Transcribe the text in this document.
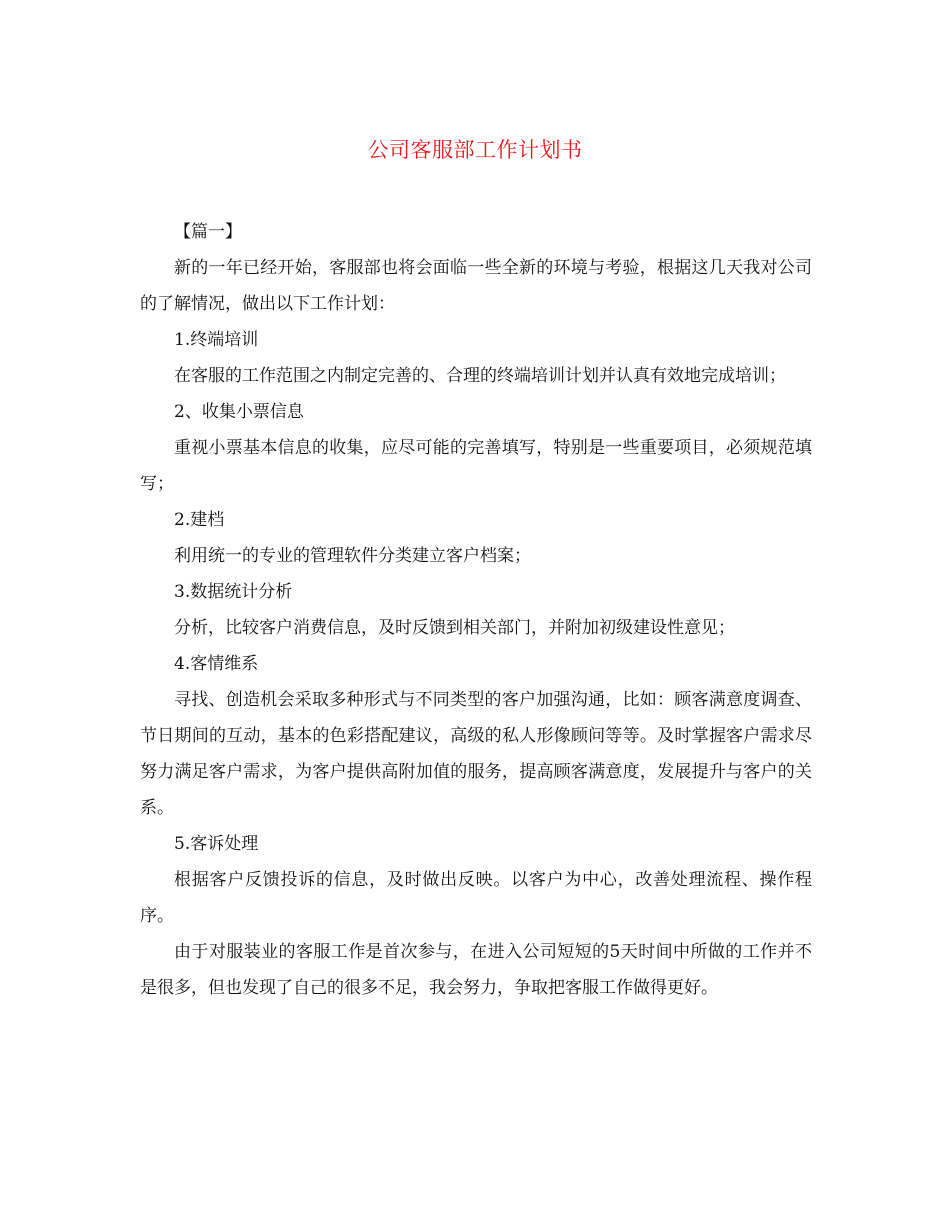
公司客服部工作计划书

【篇一】

新的一年已经开始，客服部也将会面临一些全新的环境与考验，根据这几天我对公司的了解情况，做出以下工作计划：

1.终端培训

在客服的工作范围之内制定完善的、合理的终端培训计划并认真有效地完成培训；

2、收集小票信息

重视小票基本信息的收集，应尽可能的完善填写，特别是一些重要项目，必须规范填写；

2.建档

利用统一的专业的管理软件分类建立客户档案；

3.数据统计分析

分析，比较客户消费信息，及时反馈到相关部门，并附加初级建设性意见；

4.客情维系

寻找、创造机会采取多种形式与不同类型的客户加强沟通，比如：顾客满意度调查、节日期间的互动，基本的色彩搭配建议，高级的私人形像顾问等等。及时掌握客户需求尽努力满足客户需求，为客户提供高附加值的服务，提高顾客满意度，发展提升与客户的关系。

5.客诉处理

根据客户反馈投诉的信息，及时做出反映。以客户为中心，改善处理流程、操作程序。

由于对服装业的客服工作是首次参与，在进入公司短短的5天时间中所做的工作并不是很多，但也发现了自己的很多不足，我会努力，争取把客服工作做得更好。
